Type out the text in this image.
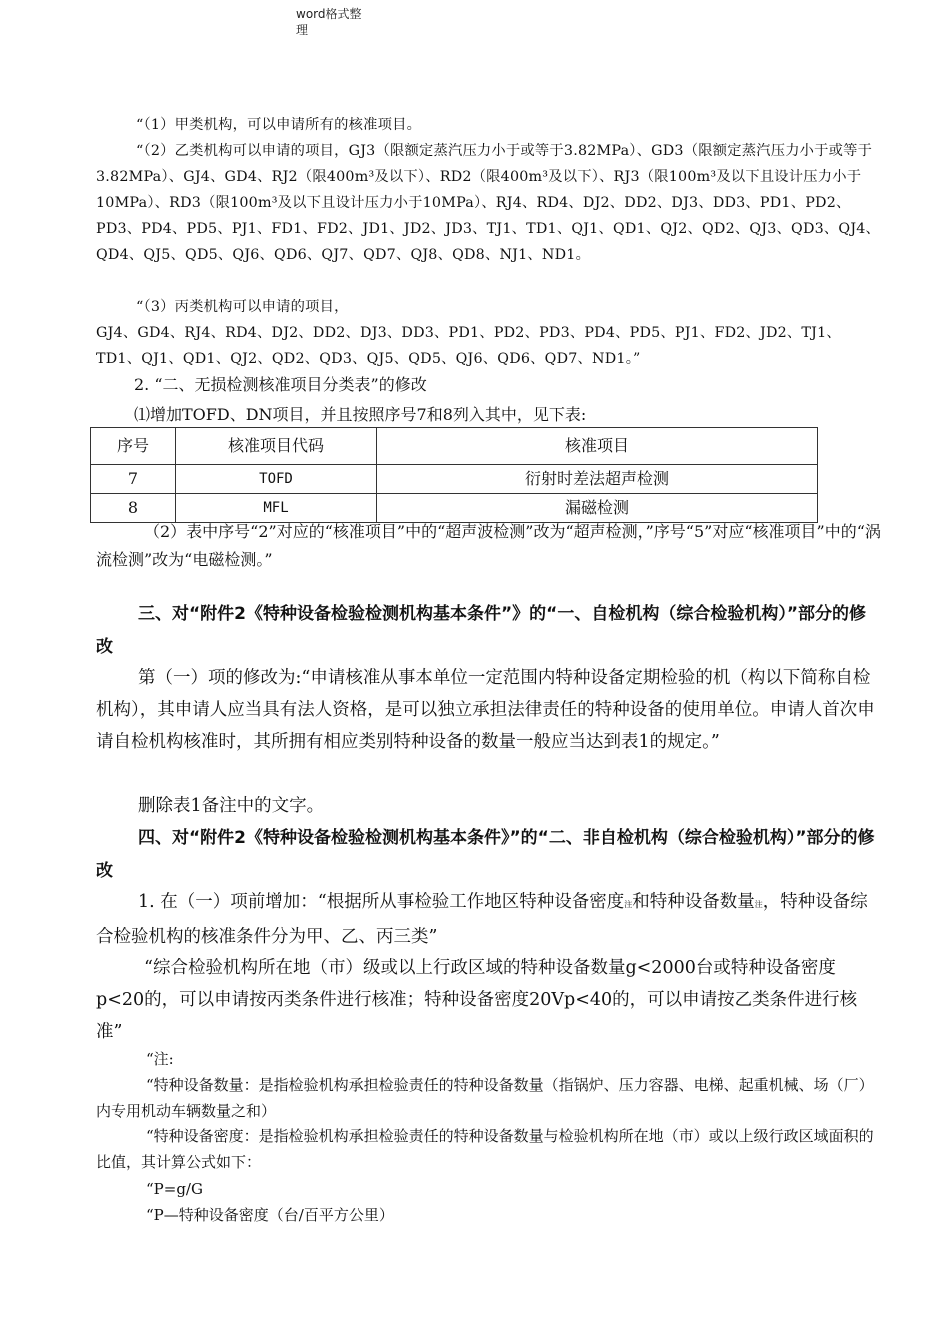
word格式整
理

“（1）甲类机构，可以申请所有的核准项目。

“（2）乙类机构可以申请的项目，GJ3（限额定蒸汽压力小于或等于3.82MPa）、GD3（限额定蒸汽压力小于或等于3.82MPa）、GJ4、GD4、RJ2（限400m³及以下）、RD2（限400m³及以下）、RJ3（限100m³及以下且设计压力小于10MPa）、RD3（限100m³及以下且设计压力小于10MPa）、RJ4、RD4、DJ2、DD2、DJ3、DD3、PD1、PD2、PD3、PD4、PD5、PJ1、FD1、FD2、JD1、JD2、JD3、TJ1、TD1、QJ1、QD1、QJ2、QD2、QJ3、QD3、QJ4、QD4、QJ5、QD5、QJ6、QD6、QJ7、QD7、QJ8、QD8、NJ1、ND1。

“（3）丙类机构可以申请的项目，

GJ4、GD4、RJ4、RD4、DJ2、DD2、DJ3、DD3、PD1、PD2、PD3、PD4、PD5、PJ1、FD2、JD2、TJ1、TD1、QJ1、QD1、QJ2、QD2、QD3、QJ5、QD5、QJ6、QD6、QD7、ND1。”

2. “二、无损检测核准项目分类表”的修改

⑴增加TOFD、DN项目，并且按照序号7和8列入其中，见下表:

序号	核准项目代码	核准项目
7	TOFD	衍射时差法超声检测
8	MFL	漏磁检测

（2）表中序号“2”对应的“核准项目”中的“超声波检测”改为“超声检测，”序号“5”对应“核准项目”中的“涡流检测”改为“电磁检测。”

三、对“附件2《特种设备检验检测机构基本条件”》的“一、自检机构（综合检验机构）”部分的修改

第（一）项的修改为:“申请核准从事本单位一定范围内特种设备定期检验的机（构以下简称自检机构），其申请人应当具有法人资格，是可以独立承担法律责任的特种设备的使用单位。申请人首次申请自检机构核准时，其所拥有相应类别特种设备的数量一般应当达到表1的规定。”

删除表1备注中的文字。

四、对“附件2《特种设备检验检测机构基本条件》”的“二、非自检机构（综合检验机构）”部分的修改

1. 在（一）项前增加：“根据所从事检验工作地区特种设备密度注和特种设备数量注，特种设备综合检验机构的核准条件分为甲、乙、丙三类”

“综合检验机构所在地（市）级或以上行政区域的特种设备数量g<2000台或特种设备密度p<20的，可以申请按丙类条件进行核准；特种设备密度20Vp<40的，可以申请按乙类条件进行核准”

“注:

“特种设备数量：是指检验机构承担检验责任的特种设备数量（指锅炉、压力容器、电梯、起重机械、场（厂）内专用机动车辆数量之和）

“特种设备密度：是指检验机构承担检验责任的特种设备数量与检验机构所在地（市）或以上级行政区域面积的比值，其计算公式如下：

“P=g/G

“P—特种设备密度（台/百平方公里）
